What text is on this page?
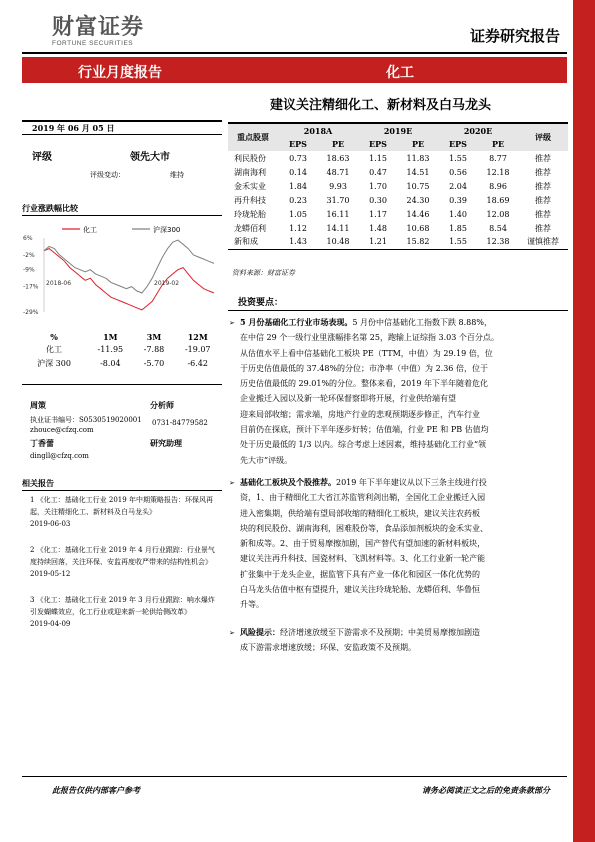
财富证券
FORTUNE SECURITIES	证券研究报告
行业月度报告	化工
建议关注精细化工、新材料及白马龙头
2019 年 06 月 05 日
评级	领先大市
评级变动：	维持
行业涨跌幅比较
化工	沪深300
6%
-2%
-9%
-17%
-29%
2018-06	2019-02
%	1M	3M	12M
化工	-11.95	-7.88	-19.07
沪深 300	-8.04	-5.70	-6.42
周策	分析师
执业证书编号：S0530519020001 0731-84779582
zhouce@cfzq.com
丁香蕾	研究助理
dingll@cfzq.com
相关报告
1 《化工：基础化工行业 2019 年中期策略报告：环保风再起，关注精细化工、新材料及白马龙头》
2019-06-03
2 《化工：基础化工行业 2019 年 4 月行业跟踪：行业景气度持续回落，关注环保、安监再度收严带来的结构性机会》
2019-05-12
3 《化工：基础化工行业 2019 年 3 月行业跟踪：响水爆炸引发蝴蝶效应，化工行业或迎来新一轮供给侧改革》
2019-04-09
重点股票	2018A		2019E		2020E		评级
	EPS	PE	EPS	PE	EPS	PE	
利民股份	0.73	18.63	1.15	11.83	1.55	8.77	推荐
湖南海利	0.14	48.71	0.47	14.51	0.56	12.18	推荐
金禾实业	1.84	9.93	1.70	10.75	2.04	8.96	推荐
再升科技	0.23	31.70	0.30	24.30	0.39	18.69	推荐
玲珑轮胎	1.05	16.11	1.17	14.46	1.40	12.08	推荐
龙蟒佰利	1.12	14.11	1.48	10.68	1.85	8.54	推荐
新和成	1.43	10.48	1.21	15.82	1.55	12.38	谨慎推荐
资料来源：财富证券
投资要点：
➢ 5 月份基础化工行业市场表现。5 月份中信基础化工指数下跌 8.88%，
在中信 29 个一级行业里涨幅排名第 25，跑输上证综指 3.03 个百分点。
从估值水平上看中信基础化工板块 PE（TTM，中值）为 29.19 倍，位
于历史估值最低的 37.48%的分位；市净率（中值）为 2.36 倍，位于
历史估值最低的 29.01%的分位。整体来看，2019 年下半年随着危化
企业搬迁入园以及新一轮环保督察即将开展，行业供给端有望
迎来局部收缩；需求端，房地产行业的悲观预期逐步修正，汽车行业
目前仍在探底，预计下半年逐步好转；估值端，行业 PE 和 PB 估值均
处于历史最低的 1/3 以内。综合考虑上述因素，维持基础化工行业“领
先大市”评级。
➢ 基础化工板块及个股推荐。2019 年下半年建议从以下三条主线进行投
资，1、由于精细化工大省江苏监管利剑出鞘，全国化工企业搬迁入园
进入密集期，供给端有望局部收缩的精细化工板块，建议关注农药板
块的利民股份、湖南海利，困难股份等，食品添加剂板块的金禾实业、
新和成等。2、由于贸易摩擦加剧，国产替代有望加速的新材料板块，
建议关注再升科技、国瓷材料、飞凯材料等。3、化工行业新一轮产能
扩张集中于龙头企业，据监管下具有产业一体化和园区一体化优势的
白马龙头估值中枢有望提升，建议关注玲珑轮胎、龙蟒佰利、华鲁恒
升等。
➢ 风险提示：经济增速放缓至下游需求不及预期；中美贸易摩擦加剧造
成下游需求增速放缓；环保、安监政策不及预期。
此报告仅供内部客户参考	请务必阅读正文之后的免责条款部分
